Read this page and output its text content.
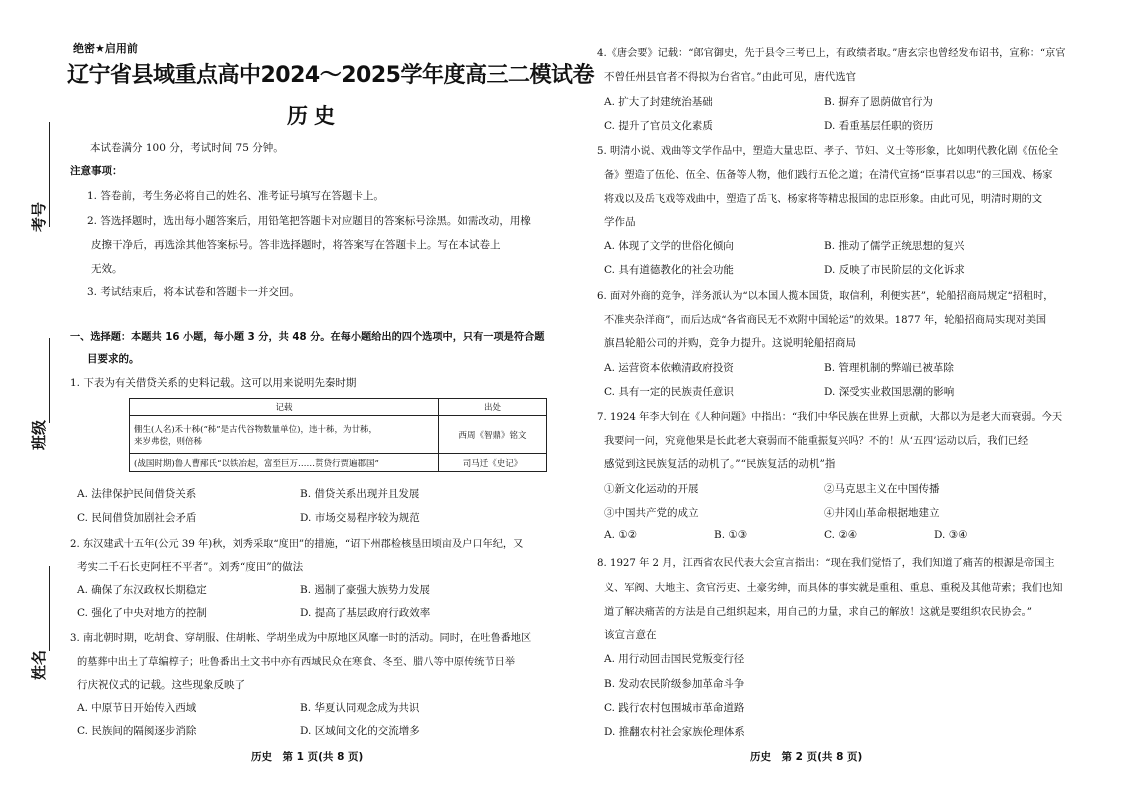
考号
班级
姓名
绝密★启用前
辽宁省县域重点高中2024～2025学年度高三二模试卷
历史
本试卷满分 100 分，考试时间 75 分钟。
注意事项：
1. 答卷前，考生务必将自己的姓名、准考证号填写在答题卡上。
2. 答选择题时，选出每小题答案后，用铅笔把答题卡对应题目的答案标号涂黑。如需改动，用橡
皮擦干净后，再选涂其他答案标号。答非选择题时，将答案写在答题卡上。写在本试卷上
无效。
3. 考试结束后，将本试卷和答题卡一并交回。
一、选择题：本题共 16 小题，每小题 3 分，共 48 分。在每小题给出的四个选项中，只有一项是符合题
目要求的。
1. 下表为有关借贷关系的史料记载。这可以用来说明先秦时期
记载	出处

倗生(人名)禾十秭(“秭”是古代谷物数量单位)，违十秭，为廿秭，
来岁弗偿，则倍秭	西周《智鼎》铭文
(战国时期)鲁人曹邴氏“以铁冶起，富至巨万……贳贷行贾遍郡国”	司马迁《史记》
A. 法律保护民间借贷关系	B. 借贷关系出现并且发展
C. 民间借贷加剧社会矛盾	D. 市场交易程序较为规范
2. 东汉建武十五年(公元 39 年)秋，刘秀采取“度田”的措施，“诏下州郡检核垦田顷亩及户口年纪，又
考实二千石长吏阿枉不平者”。刘秀“度田”的做法
A. 确保了东汉政权长期稳定	B. 遏制了豪强大族势力发展
C. 强化了中央对地方的控制	D. 提高了基层政府行政效率
3. 南北朝时期，吃胡食、穿胡服、住胡帐、学胡坐成为中原地区风靡一时的活动。同时，在吐鲁番地区
的墓葬中出土了草编椁子；吐鲁番出土文书中亦有西域民众在寒食、冬至、腊八等中原传统节日举
行庆祝仪式的记载。这些现象反映了
A. 中原节日开始传入西域	B. 华夏认同观念成为共识
C. 民族间的隔阂逐步消除	D. 区域间文化的交流增多
历史　第 1 页(共 8 页)
4.《唐会要》记载：“郎官御史，先于县令三考已上，有政绩者取。”唐玄宗也曾经发布诏书，宣称：“京官
不曾任州县官者不得拟为台省官。”由此可见，唐代选官
A. 扩大了封建统治基础	B. 摒弃了恩荫做官行为
C. 提升了官员文化素质	D. 看重基层任职的资历
5. 明清小说、戏曲等文学作品中，塑造大量忠臣、孝子、节妇、义士等形象，比如明代教化剧《伍伦全
备》塑造了伍伦、伍全、伍备等人物，他们践行五伦之道；在清代宣扬“臣事君以忠”的三国戏、杨家
将戏以及岳飞戏等戏曲中，塑造了岳飞、杨家将等精忠报国的忠臣形象。由此可见，明清时期的文
学作品
A. 体现了文学的世俗化倾向	B. 推动了儒学正统思想的复兴
C. 具有道德教化的社会功能	D. 反映了市民阶层的文化诉求
6. 面对外商的竞争，洋务派认为“以本国人揽本国货，取信利，利便实甚”，轮船招商局规定“招租时，
不准夹杂洋商”，而后达成“各省商民无不欢附中国轮运”的效果。1877 年，轮船招商局实现对美国
旗昌轮船公司的并购，竞争力提升。这说明轮船招商局
A. 运营资本依赖清政府投资	B. 管理机制的弊端已被革除
C. 具有一定的民族责任意识	D. 深受实业救国思潮的影响
7. 1924 年李大钊在《人种问题》中指出：“我们中华民族在世界上贡献，大都以为是老大而衰弱。今天
我要问一问，究竟他果是长此老大衰弱而不能重振复兴吗？不的！从‘五四’运动以后，我们已经
感觉到这民族复活的动机了。”“民族复活的动机”指
①新文化运动的开展	②马克思主义在中国传播
③中国共产党的成立	④井冈山革命根据地建立
A. ①②	B. ①③	C. ②④	D. ③④
8. 1927 年 2 月，江西省农民代表大会宣言指出：“现在我们觉悟了，我们知道了痛苦的根源是帝国主
义、军阀、大地主、贪官污吏、土豪劣绅，而具体的事实就是重租、重息、重税及其他苛索；我们也知
道了解决痛苦的方法是自己组织起来，用自己的力量，求自己的解放！这就是要组织农民协会。”
该宣言意在
A. 用行动回击国民党叛变行径
B. 发动农民阶级参加革命斗争
C. 践行农村包围城市革命道路
D. 推翻农村社会家族伦理体系
历史　第 2 页(共 8 页)
